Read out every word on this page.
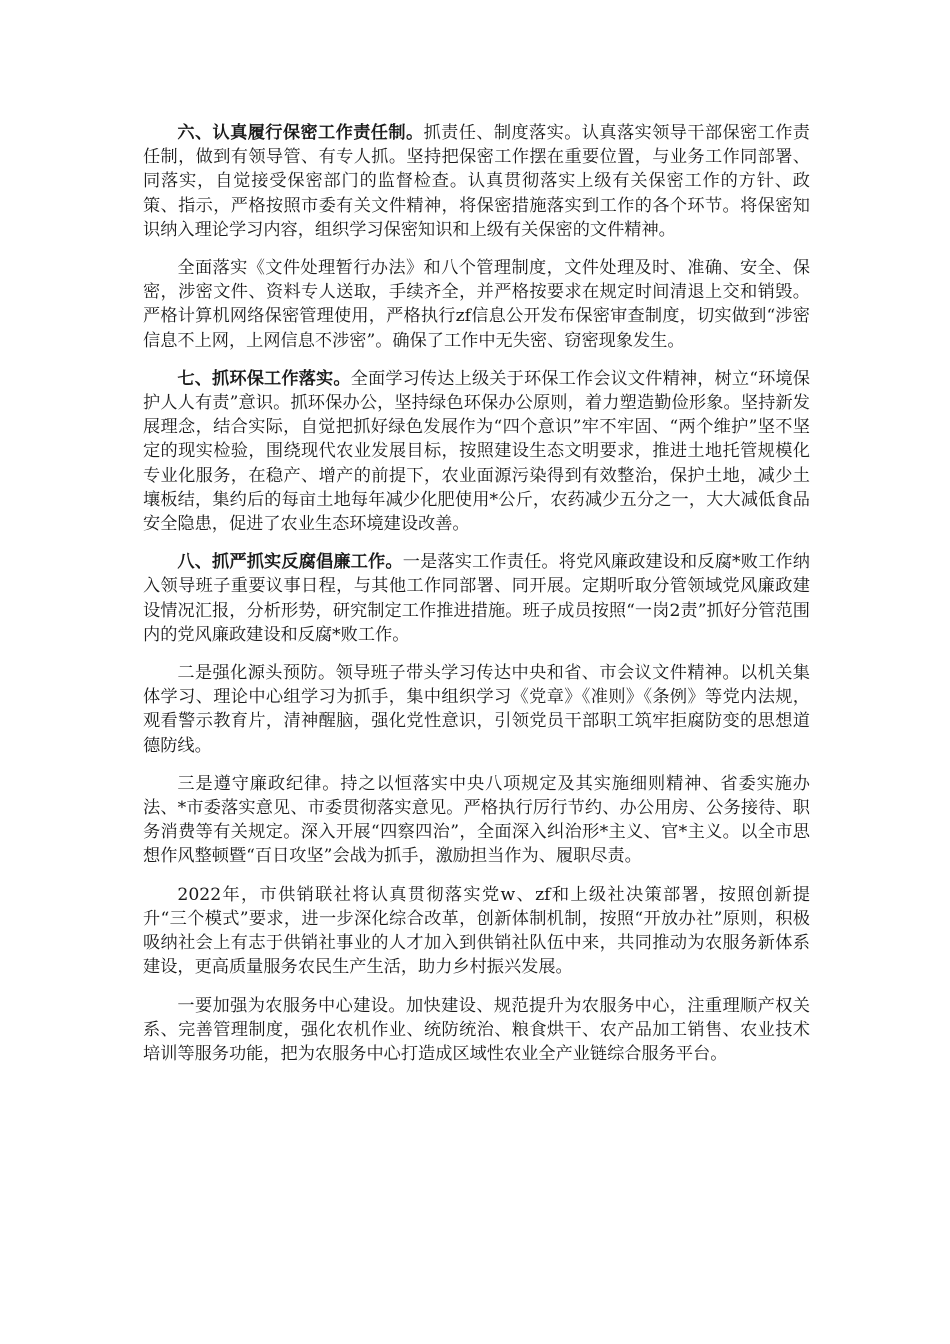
六、认真履行保密工作责任制。抓责任、制度落实。认真落实领导干部保密工作责任制，做到有领导管、有专人抓。坚持把保密工作摆在重要位置，与业务工作同部署、同落实，自觉接受保密部门的监督检查。认真贯彻落实上级有关保密工作的方针、政策、指示，严格按照市委有关文件精神，将保密措施落实到工作的各个环节。将保密知识纳入理论学习内容，组织学习保密知识和上级有关保密的文件精神。

全面落实《文件处理暂行办法》和八个管理制度，文件处理及时、准确、安全、保密，涉密文件、资料专人送取，手续齐全，并严格按要求在规定时间清退上交和销毁。严格计算机网络保密管理使用，严格执行zf信息公开发布保密审查制度，切实做到“涉密信息不上网，上网信息不涉密”。确保了工作中无失密、窃密现象发生。

七、抓环保工作落实。全面学习传达上级关于环保工作会议文件精神，树立“环境保护人人有责”意识。抓环保办公，坚持绿色环保办公原则，着力塑造勤俭形象。坚持新发展理念，结合实际，自觉把抓好绿色发展作为“四个意识”牢不牢固、“两个维护”坚不坚定的现实检验，围绕现代农业发展目标，按照建设生态文明要求，推进土地托管规模化专业化服务，在稳产、增产的前提下，农业面源污染得到有效整治，保护土地，减少土壤板结，集约后的每亩土地每年减少化肥使用*公斤，农药减少五分之一，大大减低食品安全隐患，促进了农业生态环境建设改善。

八、抓严抓实反腐倡廉工作。一是落实工作责任。将党风廉政建设和反腐*败工作纳入领导班子重要议事日程，与其他工作同部署、同开展。定期听取分管领域党风廉政建设情况汇报，分析形势，研究制定工作推进措施。班子成员按照“一岗2责”抓好分管范围内的党风廉政建设和反腐*败工作。

二是强化源头预防。领导班子带头学习传达中央和省、市会议文件精神。以机关集体学习、理论中心组学习为抓手，集中组织学习《党章》《准则》《条例》等党内法规，观看警示教育片，清神醒脑，强化党性意识，引领党员干部职工筑牢拒腐防变的思想道德防线。

三是遵守廉政纪律。持之以恒落实中央八项规定及其实施细则精神、省委实施办法、*市委落实意见、市委贯彻落实意见。严格执行厉行节约、办公用房、公务接待、职务消费等有关规定。深入开展“四察四治”，全面深入纠治形*主义、官*主义。以全市思想作风整顿暨“百日攻坚”会战为抓手，激励担当作为、履职尽责。

2022年，市供销联社将认真贯彻落实党w、zf和上级社决策部署，按照创新提升“三个模式”要求，进一步深化综合改革，创新体制机制，按照“开放办社”原则，积极吸纳社会上有志于供销社事业的人才加入到供销社队伍中来，共同推动为农服务新体系建设，更高质量服务农民生产生活，助力乡村振兴发展。

一要加强为农服务中心建设。加快建设、规范提升为农服务中心，注重理顺产权关系、完善管理制度，强化农机作业、统防统治、粮食烘干、农产品加工销售、农业技术培训等服务功能，把为农服务中心打造成区域性农业全产业链综合服务平台。
